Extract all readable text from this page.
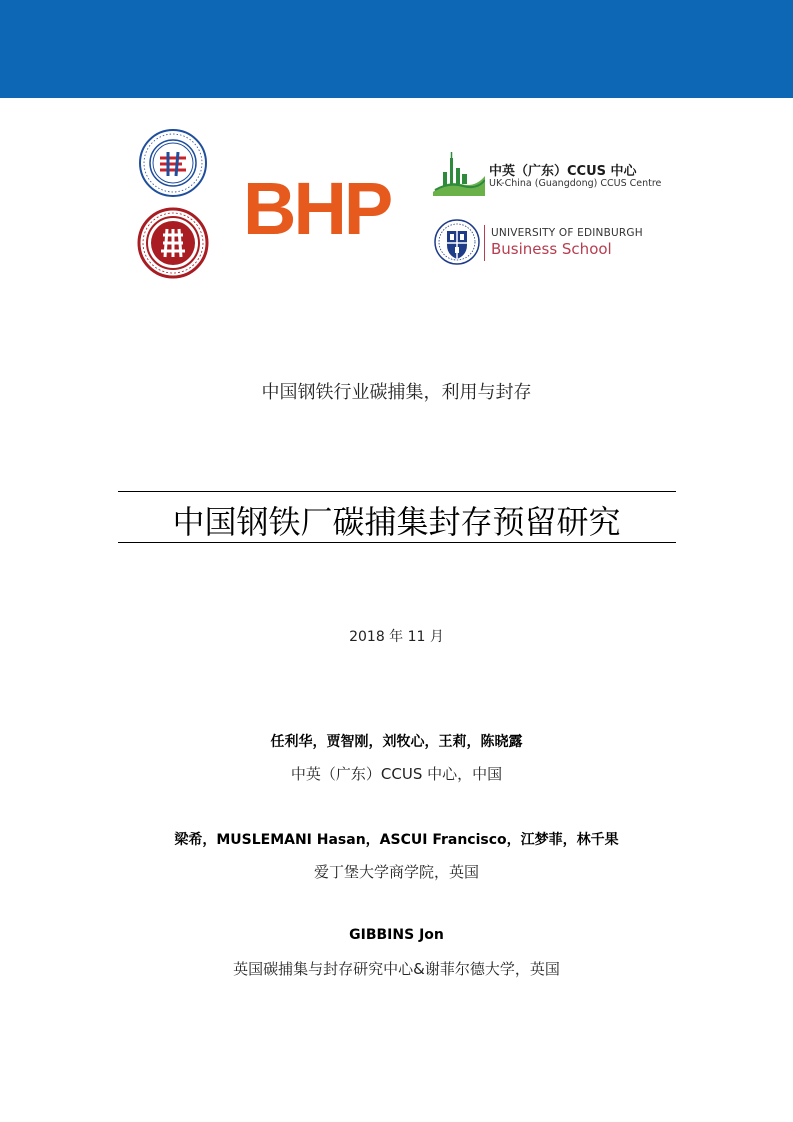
BHP	中英（广东）CCUS 中心
UK-China (Guangdong) CCUS Centre
UNIVERSITY OF EDINBURGH
Business School
中国钢铁行业碳捕集，利用与封存
中国钢铁厂碳捕集封存预留研究
2018 年 11 月
任利华，贾智刚，刘牧心，王莉，陈晓露
中英（广东）CCUS 中心，中国
梁希，MUSLEMANI Hasan，ASCUI Francisco，江梦菲，林千果
爱丁堡大学商学院，英国
GIBBINS Jon
英国碳捕集与封存研究中心&谢菲尔德大学，英国
